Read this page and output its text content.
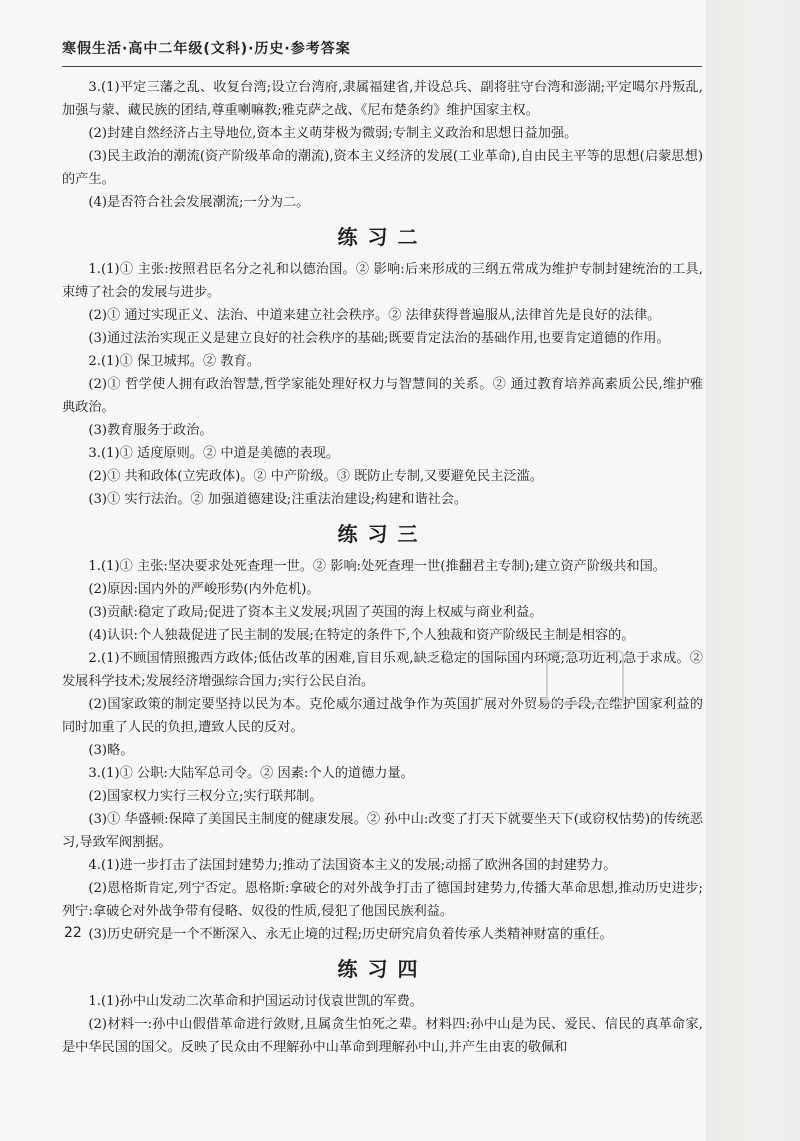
寒假生活·高中二年级(文科)·历史·参考答案

3.(1)平定三藩之乱、收复台湾;设立台湾府,隶属福建省,并设总兵、副将驻守台湾和澎湖;平定噶尔丹叛乱,加强与蒙、藏民族的团结,尊重喇嘛教;雅克萨之战、《尼布楚条约》维护国家主权。

(2)封建自然经济占主导地位,资本主义萌芽极为微弱;专制主义政治和思想日益加强。

(3)民主政治的潮流(资产阶级革命的潮流),资本主义经济的发展(工业革命),自由民主平等的思想(启蒙思想)的产生。

(4)是否符合社会发展潮流;一分为二。

练习二

1.(1)① 主张:按照君臣名分之礼和以德治国。② 影响:后来形成的三纲五常成为维护专制封建统治的工具,束缚了社会的发展与进步。

(2)① 通过实现正义、法治、中道来建立社会秩序。② 法律获得普遍服从,法律首先是良好的法律。

(3)通过法治实现正义是建立良好的社会秩序的基础;既要肯定法治的基础作用,也要肯定道德的作用。

2.(1)① 保卫城邦。② 教育。

(2)① 哲学使人拥有政治智慧,哲学家能处理好权力与智慧间的关系。② 通过教育培养高素质公民,维护雅典政治。

(3)教育服务于政治。

3.(1)① 适度原则。② 中道是美德的表现。

(2)① 共和政体(立宪政体)。② 中产阶级。③ 既防止专制,又要避免民主泛滥。

(3)① 实行法治。② 加强道德建设;注重法治建设;构建和谐社会。

练习三

1.(1)① 主张:坚决要求处死查理一世。② 影响:处死查理一世(推翻君主专制);建立资产阶级共和国。

(2)原因:国内外的严峻形势(内外危机)。

(3)贡献:稳定了政局;促进了资本主义发展;巩固了英国的海上权威与商业利益。

(4)认识:个人独裁促进了民主制的发展;在特定的条件下,个人独裁和资产阶级民主制是相容的。

2.(1)不顾国情照搬西方政体;低估改革的困难,盲目乐观,缺乏稳定的国际国内环境;急功近利,急于求成。② 发展科学技术;发展经济增强综合国力;实行公民自治。

(2)国家政策的制定要坚持以民为本。克伦威尔通过战争作为英国扩展对外贸易的手段,在维护国家利益的同时加重了人民的负担,遭致人民的反对。

(3)略。

3.(1)① 公职:大陆军总司令。② 因素:个人的道德力量。

(2)国家权力实行三权分立;实行联邦制。

(3)① 华盛顿:保障了美国民主制度的健康发展。② 孙中山:改变了打天下就要坐天下(或窃权怙势)的传统恶习,导致军阀割据。

4.(1)进一步打击了法国封建势力;推动了法国资本主义的发展;动摇了欧洲各国的封建势力。

(2)恩格斯肯定,列宁否定。恩格斯:拿破仑的对外战争打击了德国封建势力,传播大革命思想,推动历史进步;列宁:拿破仑对外战争带有侵略、奴役的性质,侵犯了他国民族利益。

(3)历史研究是一个不断深入、永无止境的过程;历史研究肩负着传承人类精神财富的重任。

练习四

1.(1)孙中山发动二次革命和护国运动讨伐袁世凯的军费。

(2)材料一:孙中山假借革命进行敛财,且属贪生怕死之辈。材料四:孙中山是为民、爱民、信民的真革命家,是中华民国的国父。反映了民众由不理解孙中山革命到理解孙中山,并产生由衷的敬佩和

22
